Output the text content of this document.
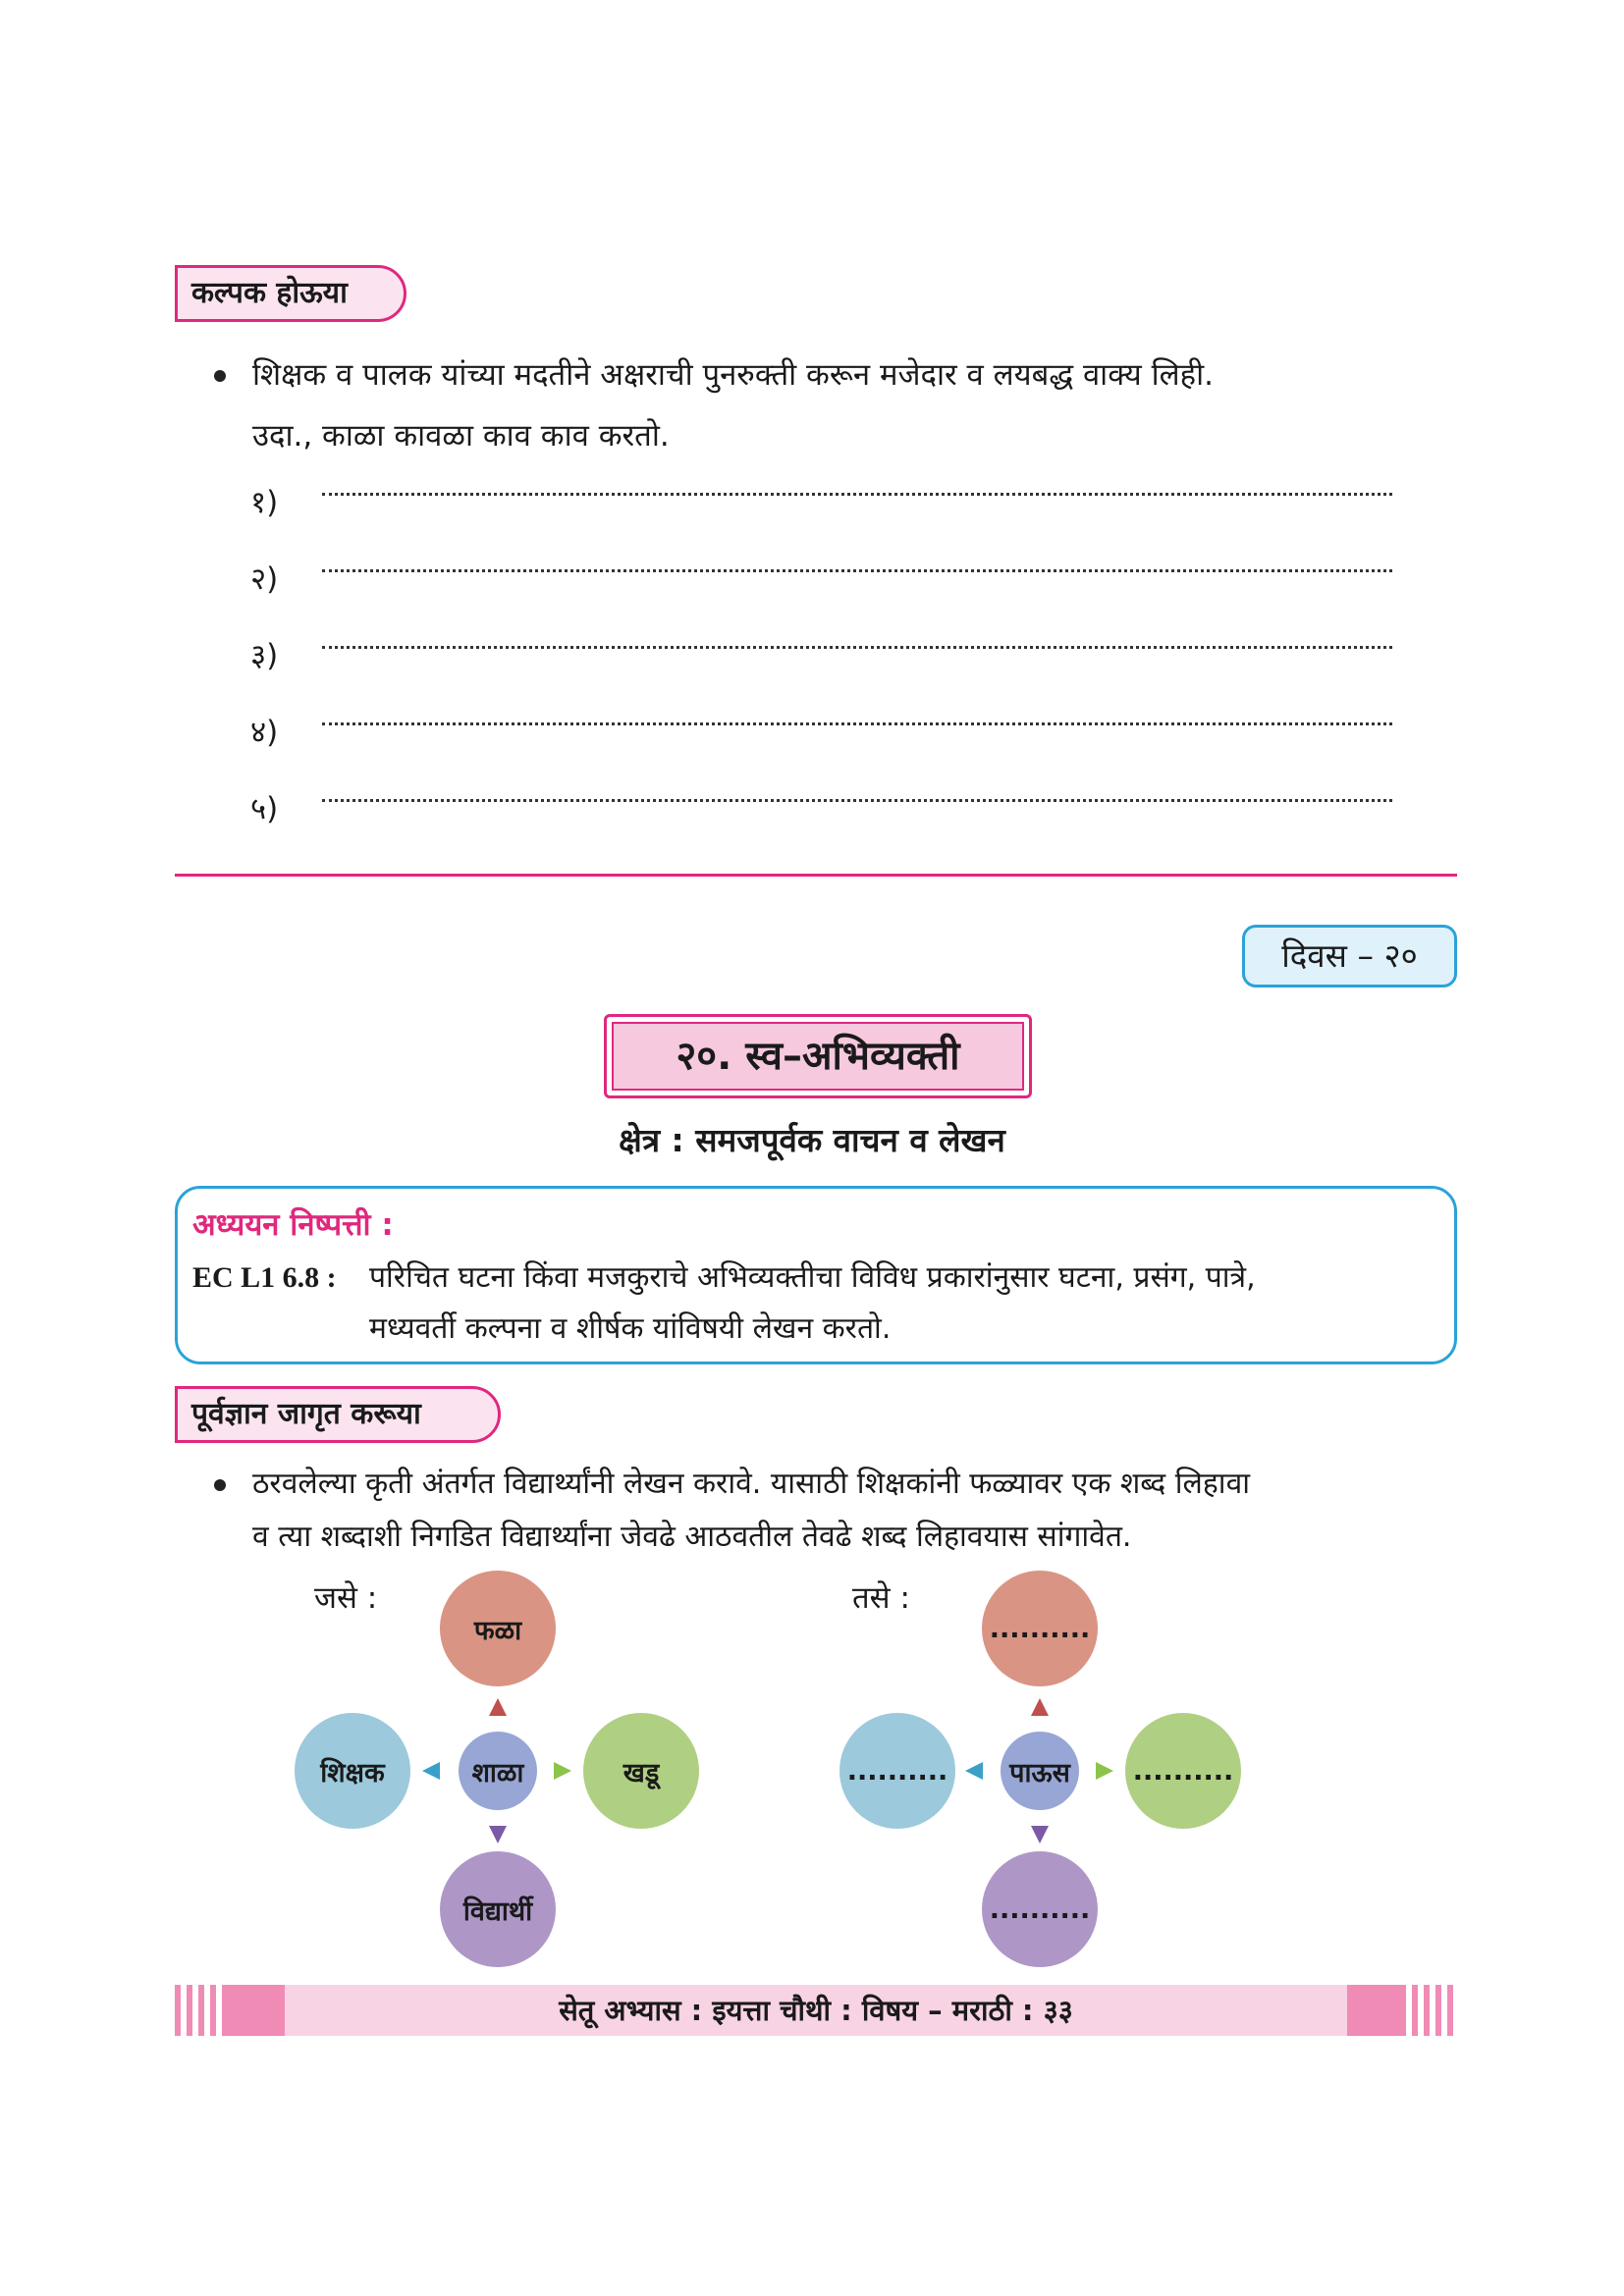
कल्पक होऊया
शिक्षक व पालक यांच्या मदतीने अक्षराची पुनरुक्ती करून मजेदार व लयबद्ध वाक्य लिही.
उदा., काळा कावळा काव काव करतो.
१)
२)
३)
४)
५)
दिवस – २०
२०. स्व–अभिव्यक्ती
क्षेत्र : समजपूर्वक वाचन व लेखन
अध्ययन निष्पत्ती :
EC L1 6.8 : परिचित घटना किंवा मजकुराचे अभिव्यक्तीचा विविध प्रकारांनुसार घटना, प्रसंग, पात्रे,
मध्यवर्ती कल्पना व शीर्षक यांविषयी लेखन करतो.
पूर्वज्ञान जागृत करूया
ठरवलेल्या कृती अंतर्गत विद्यार्थ्यांनी लेखन करावे. यासाठी शिक्षकांनी फळ्यावर एक शब्द लिहावा
व त्या शब्दाशी निगडित विद्यार्थ्यांना जेवढे आठवतील तेवढे शब्द लिहावयास सांगावेत.
जसे :
फळा
शिक्षक	खडू
विद्यार्थी
शाळा
तसे :
..........
..........	..........
..........
पाऊस
सेतू अभ्यास : इयत्ता चौथी : विषय – मराठी : ३३
